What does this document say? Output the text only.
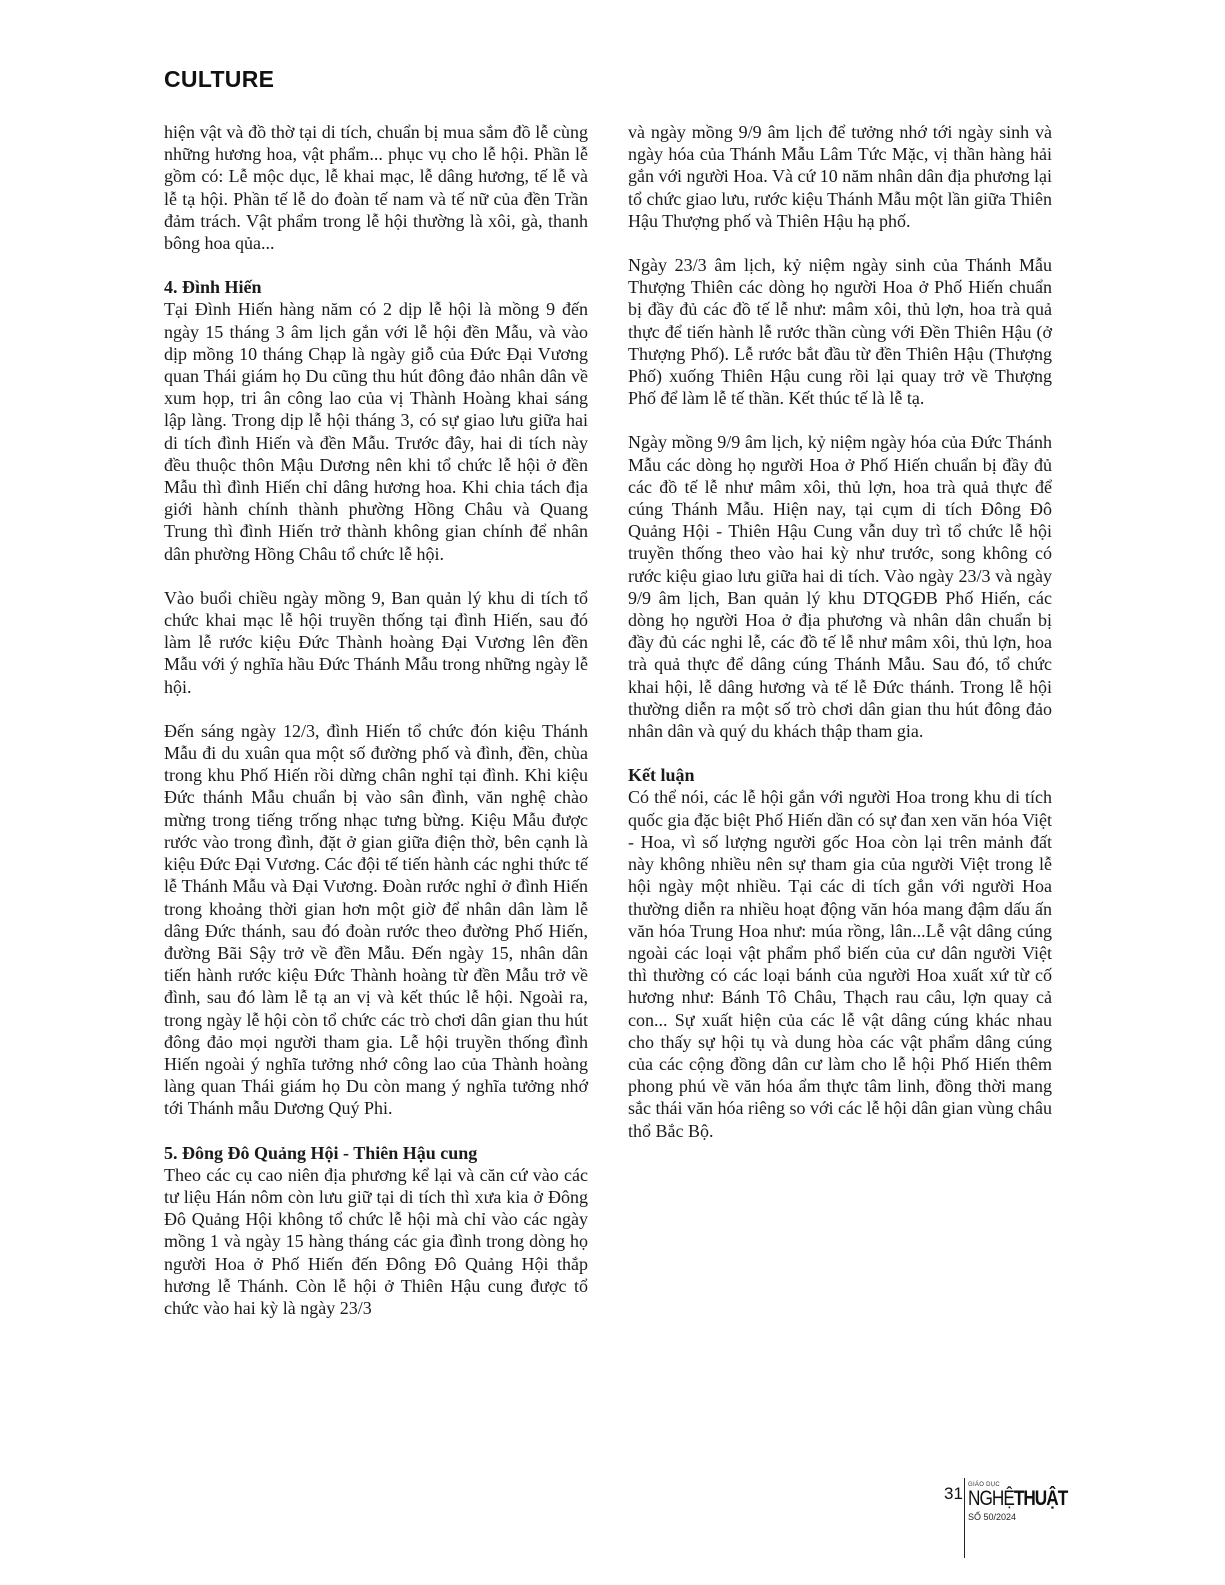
CULTURE

hiện vật và đồ thờ tại di tích, chuẩn bị mua sắm đồ lễ cùng những hương hoa, vật phẩm... phục vụ cho lễ hội. Phần lễ gồm có: Lễ mộc dục, lễ khai mạc, lễ dâng hương, tế lễ và lễ tạ hội. Phần tế lễ do đoàn tế nam và tế nữ của đền Trần đảm trách. Vật phẩm trong lễ hội thường là xôi, gà, thanh bông hoa qủa...

4. Đình Hiến

Tại Đình Hiến hàng năm có 2 dịp lễ hội là mồng 9 đến ngày 15 tháng 3 âm lịch gắn với lễ hội đền Mẫu, và vào dịp mồng 10 tháng Chạp là ngày giỗ của Đức Đại Vương quan Thái giám họ Du cũng thu hút đông đảo nhân dân về xum họp, tri ân công lao của vị Thành Hoàng khai sáng lập làng. Trong dịp lễ hội tháng 3, có sự giao lưu giữa hai di tích đình Hiến và đền Mẫu. Trước đây, hai di tích này đều thuộc thôn Mậu Dương nên khi tổ chức lễ hội ở đền Mẫu thì đình Hiến chỉ dâng hương hoa. Khi chia tách địa giới hành chính thành phường Hồng Châu và Quang Trung thì đình Hiến trở thành không gian chính để nhân dân phường Hồng Châu tổ chức lễ hội.

Vào buổi chiều ngày mồng 9, Ban quản lý khu di tích tổ chức khai mạc lễ hội truyền thống tại đình Hiến, sau đó làm lễ rước kiệu Đức Thành hoàng Đại Vương lên đền Mẫu với ý nghĩa hầu Đức Thánh Mẫu trong những ngày lễ hội.

Đến sáng ngày 12/3, đình Hiến tổ chức đón kiệu Thánh Mẫu đi du xuân qua một số đường phố và đình, đền, chùa trong khu Phố Hiến rồi dừng chân nghỉ tại đình. Khi kiệu Đức thánh Mẫu chuẩn bị vào sân đình, văn nghệ chào mừng trong tiếng trống nhạc tưng bừng. Kiệu Mẫu được rước vào trong đình, đặt ở gian giữa điện thờ, bên cạnh là kiệu Đức Đại Vương. Các đội tế tiến hành các nghi thức tế lễ Thánh Mẫu và Đại Vương. Đoàn rước nghỉ ở đình Hiến trong khoảng thời gian hơn một giờ để nhân dân làm lễ dâng Đức thánh, sau đó đoàn rước theo đường Phố Hiến, đường Bãi Sậy trở về đền Mẫu. Đến ngày 15, nhân dân tiến hành rước kiệu Đức Thành hoàng từ đền Mẫu trở về đình, sau đó làm lễ tạ an vị và kết thúc lễ hội. Ngoài ra, trong ngày lễ hội còn tổ chức các trò chơi dân gian thu hút đông đảo mọi người tham gia. Lễ hội truyền thống đình Hiến ngoài ý nghĩa tưởng nhớ công lao của Thành hoàng làng quan Thái giám họ Du còn mang ý nghĩa tưởng nhớ tới Thánh mẫu Dương Quý Phi.

5. Đông Đô Quảng Hội - Thiên Hậu cung

Theo các cụ cao niên địa phương kể lại và căn cứ vào các tư liệu Hán nôm còn lưu giữ tại di tích thì xưa kia ở Đông Đô Quảng Hội không tổ chức lễ hội mà chỉ vào các ngày mồng 1 và ngày 15 hàng tháng các gia đình trong dòng họ người Hoa ở Phố Hiến đến Đông Đô Quảng Hội thắp hương lễ Thánh. Còn lễ hội ở Thiên Hậu cung được tổ chức vào hai kỳ là ngày 23/3

và ngày mồng 9/9 âm lịch để tưởng nhớ tới ngày sinh và ngày hóa của Thánh Mẫu Lâm Tức Mặc, vị thần hàng hải gắn với người Hoa. Và cứ 10 năm nhân dân địa phương lại tổ chức giao lưu, rước kiệu Thánh Mẫu một lần giữa Thiên Hậu Thượng phố và Thiên Hậu hạ phố.

Ngày 23/3 âm lịch, kỷ niệm ngày sinh của Thánh Mẫu Thượng Thiên các dòng họ người Hoa ở Phố Hiến chuẩn bị đầy đủ các đồ tế lễ như: mâm xôi, thủ lợn, hoa trà quả thực để tiến hành lễ rước thần cùng với Đền Thiên Hậu (ở Thượng Phố). Lễ rước bắt đầu từ đền Thiên Hậu (Thượng Phố) xuống Thiên Hậu cung rồi lại quay trở về Thượng Phố để làm lễ tế thần. Kết thúc tế là lễ tạ.

Ngày mồng 9/9 âm lịch, kỷ niệm ngày hóa của Đức Thánh Mẫu các dòng họ người Hoa ở Phố Hiến chuẩn bị đầy đủ các đồ tế lễ như mâm xôi, thủ lợn, hoa trà quả thực để cúng Thánh Mẫu. Hiện nay, tại cụm di tích Đông Đô Quảng Hội - Thiên Hậu Cung vẫn duy trì tổ chức lễ hội truyền thống theo vào hai kỳ như trước, song không có rước kiệu giao lưu giữa hai di tích. Vào ngày 23/3 và ngày 9/9 âm lịch, Ban quản lý khu DTQGĐB Phố Hiến, các dòng họ người Hoa ở địa phương và nhân dân chuẩn bị đầy đủ các nghi lễ, các đồ tế lễ như mâm xôi, thủ lợn, hoa trà quả thực để dâng cúng Thánh Mẫu. Sau đó, tổ chức khai hội, lễ dâng hương và tế lễ Đức thánh. Trong lễ hội thường diễn ra một số trò chơi dân gian thu hút đông đảo nhân dân và quý du khách thập tham gia.

Kết luận

Có thể nói, các lễ hội gắn với người Hoa trong khu di tích quốc gia đặc biệt Phố Hiến dần có sự đan xen văn hóa Việt - Hoa, vì số lượng người gốc Hoa còn lại trên mảnh đất này không nhiều nên sự tham gia của người Việt trong lễ hội ngày một nhiều. Tại các di tích gắn với người Hoa thường diễn ra nhiều hoạt động văn hóa mang đậm dấu ấn văn hóa Trung Hoa như: múa rồng, lân...Lễ vật dâng cúng ngoài các loại vật phẩm phổ biến của cư dân người Việt thì thường có các loại bánh của người Hoa xuất xứ từ cố hương như: Bánh Tô Châu, Thạch rau câu, lợn quay cả con... Sự xuất hiện của các lễ vật dâng cúng khác nhau cho thấy sự hội tụ và dung hòa các vật phẩm dâng cúng của các cộng đồng dân cư làm cho lễ hội Phố Hiến thêm phong phú về văn hóa ẩm thực tâm linh, đồng thời mang sắc thái văn hóa riêng so với các lễ hội dân gian vùng châu thổ Bắc Bộ.

31 GIÁO DỤC
NGHỆTHUẬT
SỐ 50/2024
